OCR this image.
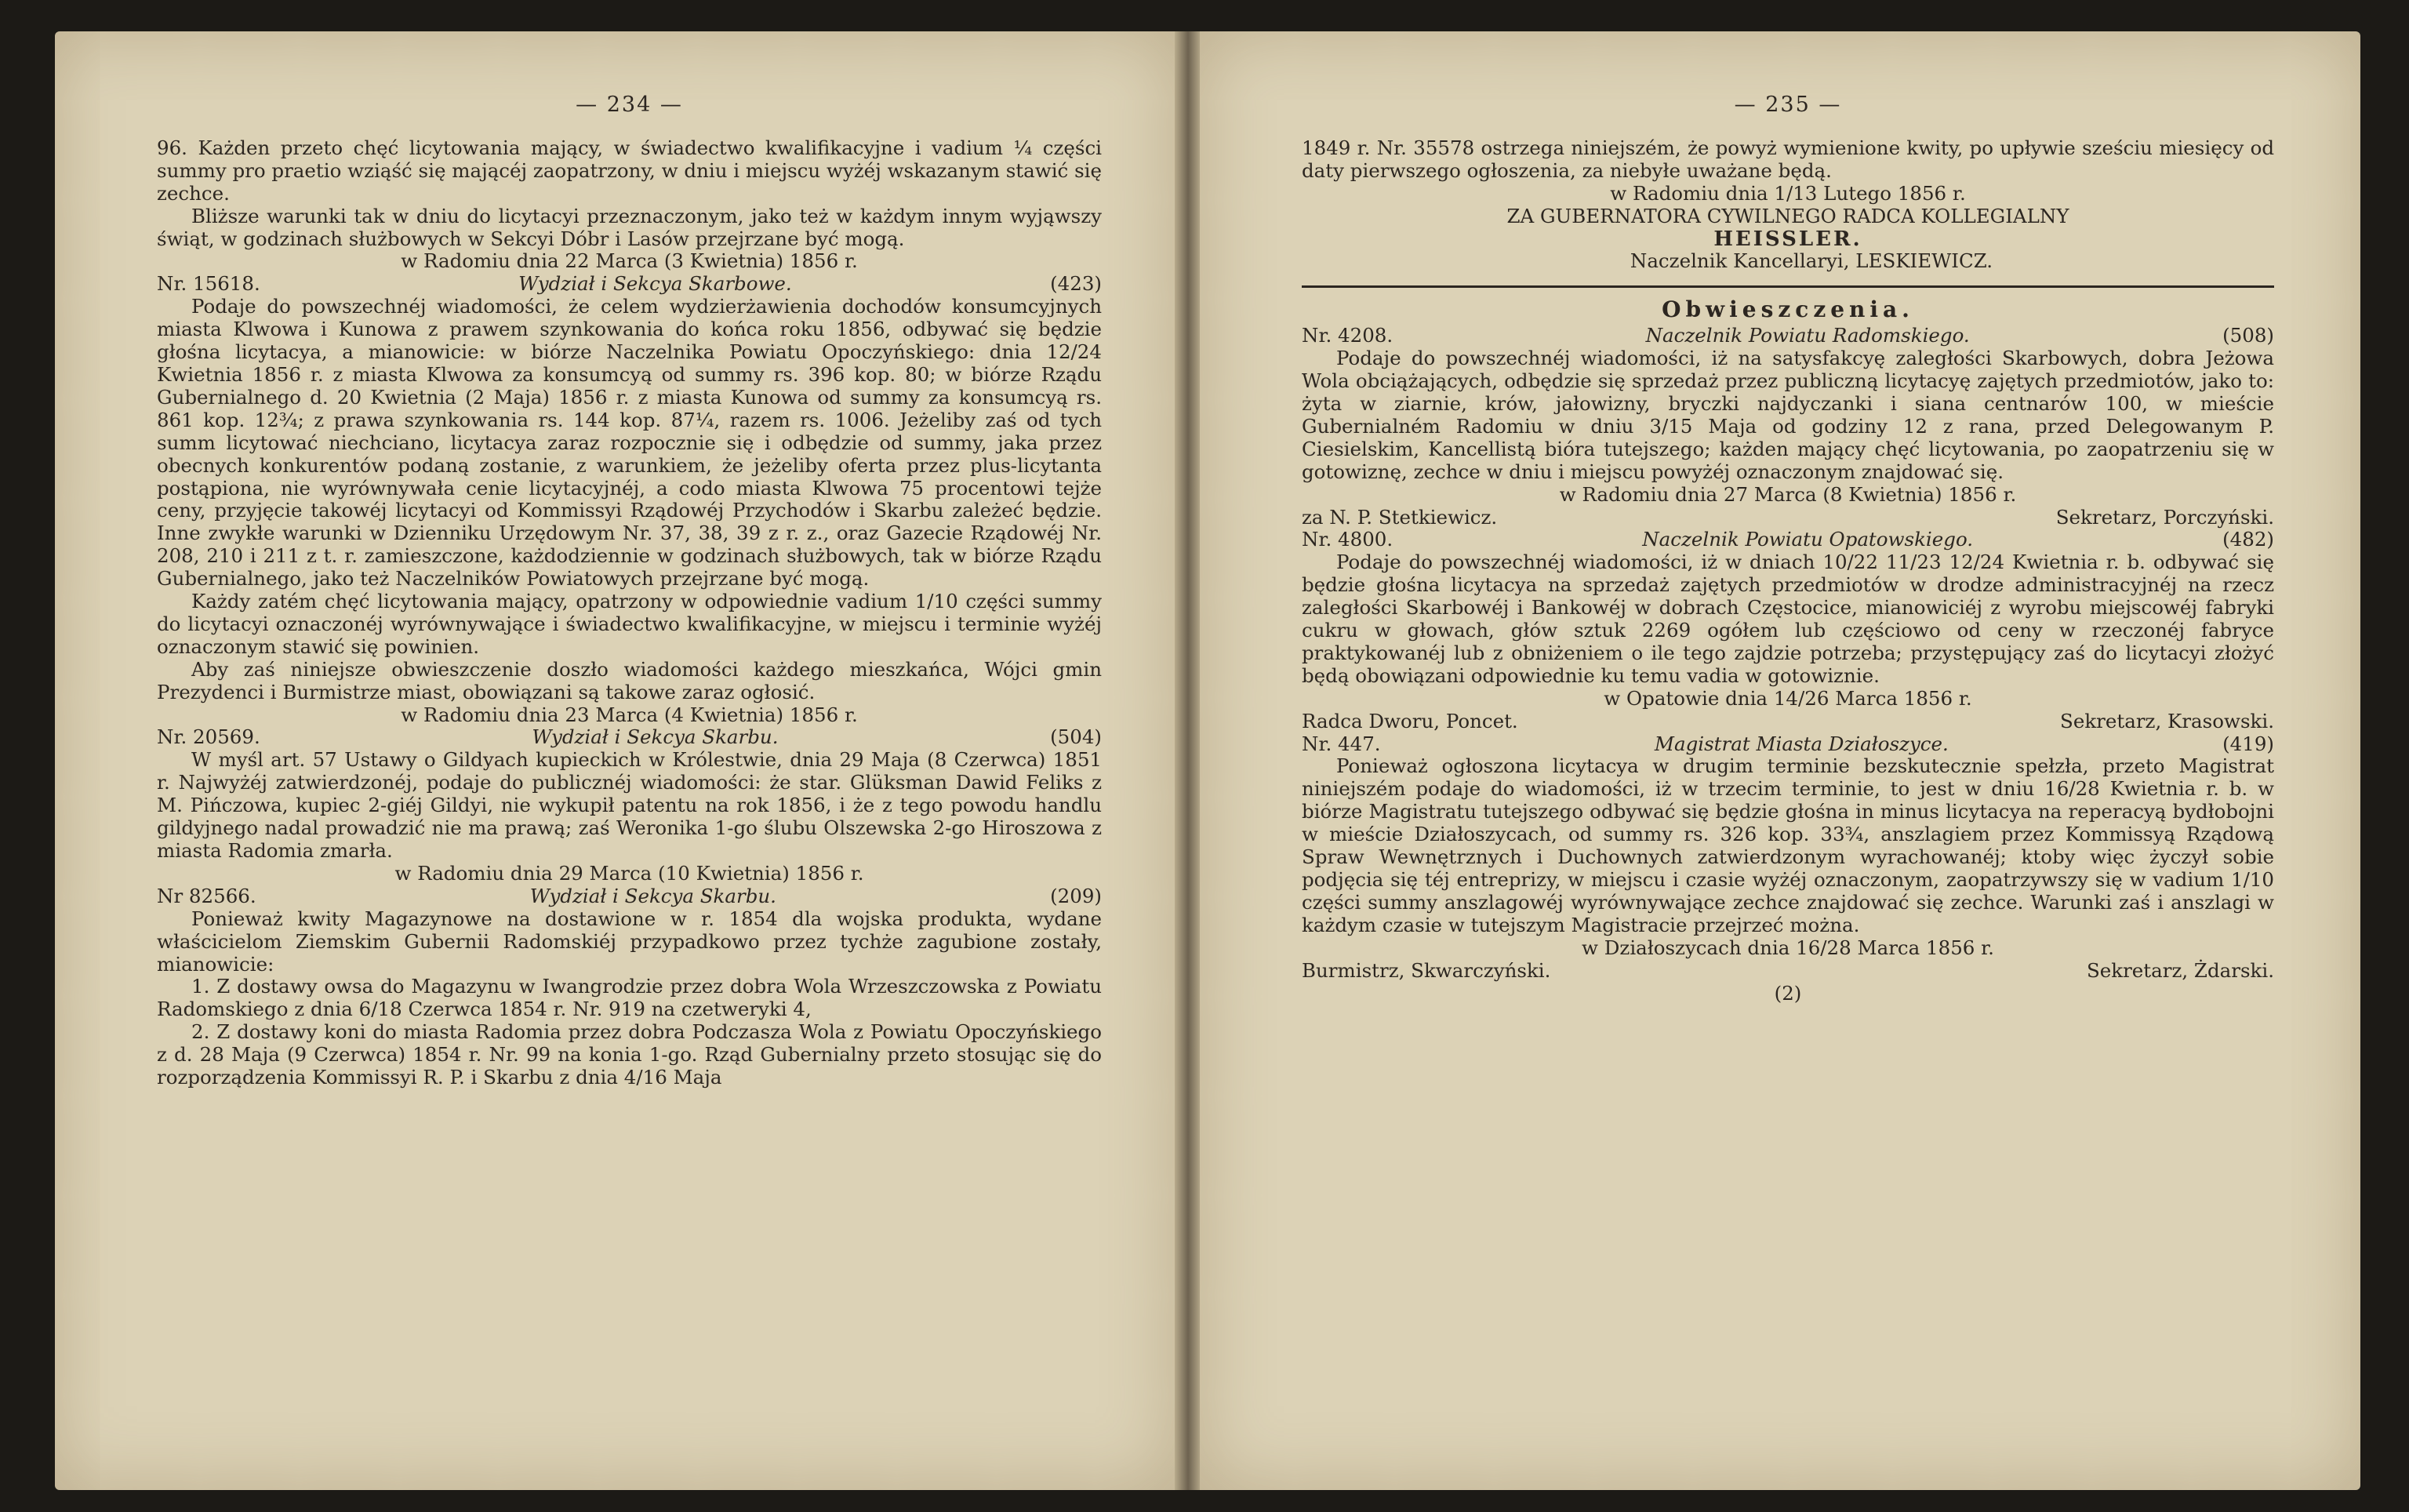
— 234 —

96. Każden przeto chęć licytowania mający, w świadectwo kwalifikacyjne i vadium ¼ części summy pro praetio wziąść się mającéj zaopatrzony, w dniu i miejscu wyżéj wskazanym stawić się zechce.

Bliższe warunki tak w dniu do licytacyi przeznaczonym, jako też w każdym innym wyjąwszy świąt, w godzinach służbowych w Sekcyi Dóbr i Lasów przejrzane być mogą.

w Radomiu dnia 22 Marca (3 Kwietnia) 1856 r.

Nr. 15618.	Wydział i Sekcya Skarbowe.	(423)

Podaje do powszechnéj wiadomości, że celem wydzierżawienia dochodów konsumcyjnych miasta Klwowa i Kunowa z prawem szynkowania do końca roku 1856, odbywać się będzie głośna licytacya, a mianowicie: w biórze Naczelnika Powiatu Opoczyńskiego: dnia 12/24 Kwietnia 1856 r. z miasta Klwowa za konsumcyą od summy rs. 396 kop. 80; w biórze Rządu Gubernialnego d. 20 Kwietnia (2 Maja) 1856 r. z miasta Kunowa od summy za konsumcyą rs. 861 kop. 12¾; z prawa szynkowania rs. 144 kop. 87¼, razem rs. 1006. Jeżeliby zaś od tych summ licytować niechciano, licytacya zaraz rozpocznie się i odbędzie od summy, jaka przez obecnych konkurentów podaną zostanie, z warunkiem, że jeżeliby oferta przez plus-licytanta postąpiona, nie wyrównywała cenie licytacyjnéj, a codo miasta Klwowa 75 procentowi tejże ceny, przyjęcie takowéj licytacyi od Kommissyi Rządowéj Przychodów i Skarbu zależeć będzie. Inne zwykłe warunki w Dzienniku Urzędowym Nr. 37, 38, 39 z r. z., oraz Gazecie Rządowéj Nr. 208, 210 i 211 z t. r. zamieszczone, każdodziennie w godzinach służbowych, tak w biórze Rządu Gubernialnego, jako też Naczelników Powiatowych przejrzane być mogą.

Każdy zatém chęć licytowania mający, opatrzony w odpowiednie vadium 1/10 części summy do licytacyi oznaczonéj wyrównywające i świadectwo kwalifikacyjne, w miejscu i terminie wyżéj oznaczonym stawić się powinien.

Aby zaś niniejsze obwieszczenie doszło wiadomości każdego mieszkańca, Wójci gmin Prezydenci i Burmistrze miast, obowiązani są takowe zaraz ogłosić.

w Radomiu dnia 23 Marca (4 Kwietnia) 1856 r.

Nr. 20569.	Wydział i Sekcya Skarbu.	(504)

W myśl art. 57 Ustawy o Gildyach kupieckich w Królestwie, dnia 29 Maja (8 Czerwca) 1851 r. Najwyżéj zatwierdzonéj, podaje do publicznéj wiadomości: że star. Glüksman Dawid Feliks z M. Pińczowa, kupiec 2-giéj Gildyi, nie wykupił patentu na rok 1856, i że z tego powodu handlu gildyjnego nadal prowadzić nie ma prawą; zaś Weronika 1-go ślubu Olszewska 2-go Hiroszowa z miasta Radomia zmarła.

w Radomiu dnia 29 Marca (10 Kwietnia) 1856 r.

Nr 82566.	Wydział i Sekcya Skarbu.	(209)

Ponieważ kwity Magazynowe na dostawione w r. 1854 dla wojska produkta, wydane właścicielom Ziemskim Gubernii Radomskiéj przypadkowo przez tychże zagubione zostały, mianowicie:

1. Z dostawy owsa do Magazynu w Iwangrodzie przez dobra Wola Wrzeszczowska z Powiatu Radomskiego z dnia 6/18 Czerwca 1854 r. Nr. 919 na czetweryki 4,

2. Z dostawy koni do miasta Radomia przez dobra Podczasza Wola z Powiatu Opoczyńskiego z d. 28 Maja (9 Czerwca) 1854 r. Nr. 99 na konia 1-go. Rząd Gubernialny przeto stosując się do rozporządzenia Kommissyi R. P. i Skarbu z dnia 4/16 Maja

— 235 —

1849 r. Nr. 35578 ostrzega niniejszém, że powyż wymienione kwity, po upływie sześciu miesięcy od daty pierwszego ogłoszenia, za niebyłe uważane będą.

w Radomiu dnia 1/13 Lutego 1856 r.

ZA GUBERNATORA CYWILNEGO RADCA KOLLEGIALNY

HEISSLER.
Naczelnik Kancellaryi, LESKIEWICZ.
Obwieszczenia.
Nr. 4208.	Naczelnik Powiatu Radomskiego.	(508)

Podaje do powszechnéj wiadomości, iż na satysfakcyę zaległości Skarbowych, dobra Jeżowa Wola obciążających, odbędzie się sprzedaż przez publiczną licytacyę zajętych przedmiotów, jako to: żyta w ziarnie, krów, jałowizny, bryczki najdyczanki i siana centnarów 100, w mieście Gubernialném Radomiu w dniu 3/15 Maja od godziny 12 z rana, przed Delegowanym P. Ciesielskim, Kancellistą bióra tutejszego; każden mający chęć licytowania, po zaopatrzeniu się w gotowiznę, zechce w dniu i miejscu powyżéj oznaczonym znajdować się.

w Radomiu dnia 27 Marca (8 Kwietnia) 1856 r.

za N. P. Stetkiewicz.	Sekretarz, Porczyński.
Nr. 4800.	Naczelnik Powiatu Opatowskiego.	(482)

Podaje do powszechnéj wiadomości, iż w dniach 10/22 11/23 12/24 Kwietnia r. b. odbywać się będzie głośna licytacya na sprzedaż zajętych przedmiotów w drodze administracyjnéj na rzecz zaległości Skarbowéj i Bankowéj w dobrach Częstocice, mianowiciéj z wyrobu miejscowéj fabryki cukru w głowach, głów sztuk 2269 ogółem lub częściowo od ceny w rzeczonéj fabryce praktykowanéj lub z obniżeniem o ile tego zajdzie potrzeba; przystępujący zaś do licytacyi złożyć będą obowiązani odpowiednie ku temu vadia w gotowiznie.

w Opatowie dnia 14/26 Marca 1856 r.

Radca Dworu, Poncet.	Sekretarz, Krasowski.
Nr. 447.	Magistrat Miasta Działoszyce.	(419)

Ponieważ ogłoszona licytacya w drugim terminie bezskutecznie spełzła, przeto Magistrat niniejszém podaje do wiadomości, iż w trzecim terminie, to jest w dniu 16/28 Kwietnia r. b. w biórze Magistratu tutejszego odbywać się będzie głośna in minus licytacya na reperacyą bydłobojni w mieście Działoszycach, od summy rs. 326 kop. 33¾, anszlagiem przez Kommissyą Rządową Spraw Wewnętrznych i Duchownych zatwierdzonym wyrachowanéj; ktoby więc życzył sobie podjęcia się téj entreprizy, w miejscu i czasie wyżéj oznaczonym, zaopatrzywszy się w vadium 1/10 części summy anszlagowéj wyrównywające zechce znajdować się zechce. Warunki zaś i anszlagi w każdym czasie w tutejszym Magistracie przejrzeć można.

w Działoszycach dnia 16/28 Marca 1856 r.

Burmistrz, Skwarczyński.	Sekretarz, Żdarski.

(2)
